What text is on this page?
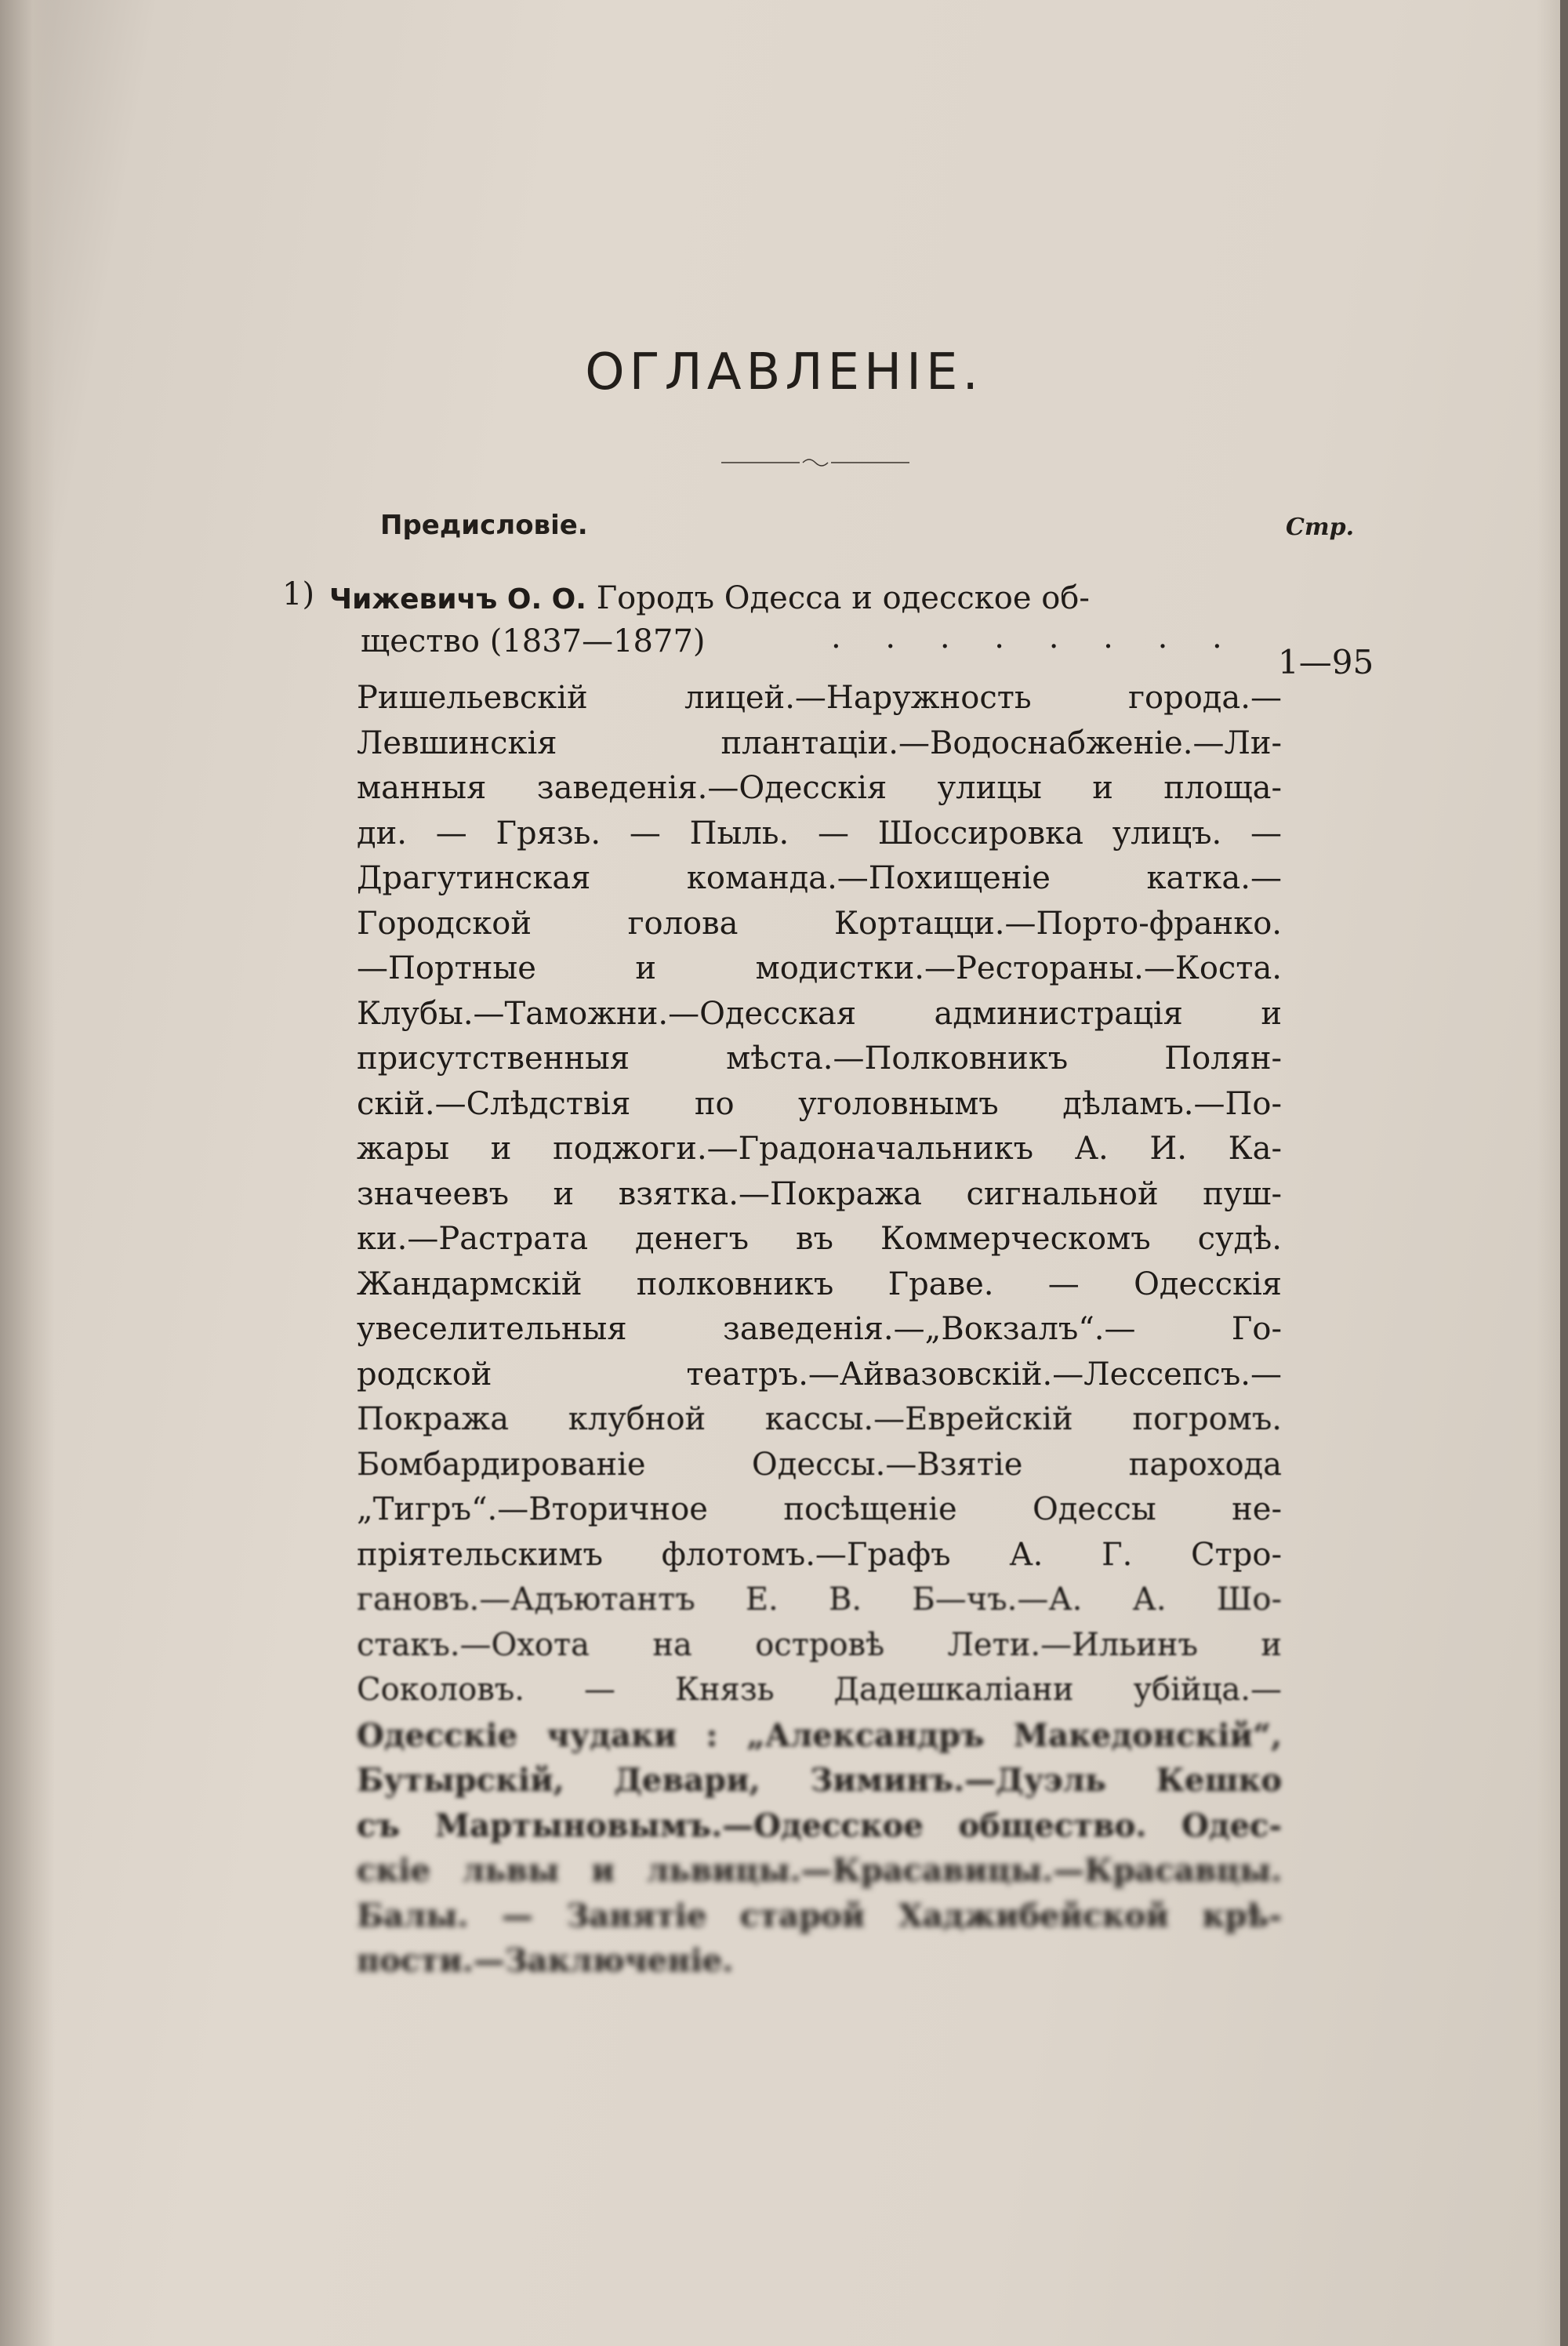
ОГЛАВЛЕНІЕ.
Предисловіе.	Стр.
1) Чижевичъ О. О. Городъ Одесса и одесское об-
щество (1837—1877)	. . . . . . . .
1—95
Ришельевскій лицей.—Наружность города.—
Левшинскія плантаціи.—Водоснабженіе.—Ли-
манныя заведенія.—Одесскія улицы и площа-
ди. — Грязь. — Пыль. — Шоссировка улицъ. —
Драгутинская команда.—Похищеніе катка.—
Городской голова Кортацци.—Порто-франко.
—Портные и модистки.—Рестораны.—Коста.
Клубы.—Таможни.—Одесская администрація и
присутственныя мѣста.—Полковникъ Полян-
скій.—Слѣдствія по уголовнымъ дѣламъ.—По-
жары и поджоги.—Градоначальникъ А. И. Ка-
значеевъ и взятка.—Покража сигнальной пуш-
ки.—Растрата денегъ въ Коммерческомъ судѣ.
Жандармскій полковникъ Граве. — Одесскія
увеселительныя заведенія.—„Вокзалъ“.— Го-
родской театръ.—Айвазовскій.—Лессепсъ.—
Покража клубной кассы.—Еврейскій погромъ.
Бомбардированіе Одессы.—Взятіе парохода
„Тигръ“.—Вторичное посѣщеніе Одессы не-
пріятельскимъ флотомъ.—Графъ А. Г. Стро-
гановъ.—Адъютантъ Е. В. Б—чъ.—А. А. Шо-
стакъ.—Охота на островѣ Лети.—Ильинъ и
Соколовъ. — Князь Дадешкаліани убійца.—
Одесскіе чудаки : „Александръ Македонскій“,
Бутырскій, Девари, Зиминъ.—Дуэль Кешко
съ Мартыновымъ.—Одесское общество. Одес-
скіе львы и львицы.—Красавицы.—Красавцы.
Балы. — Занятіе старой Хаджибейской крѣ-
пости.—Заключеніе.
